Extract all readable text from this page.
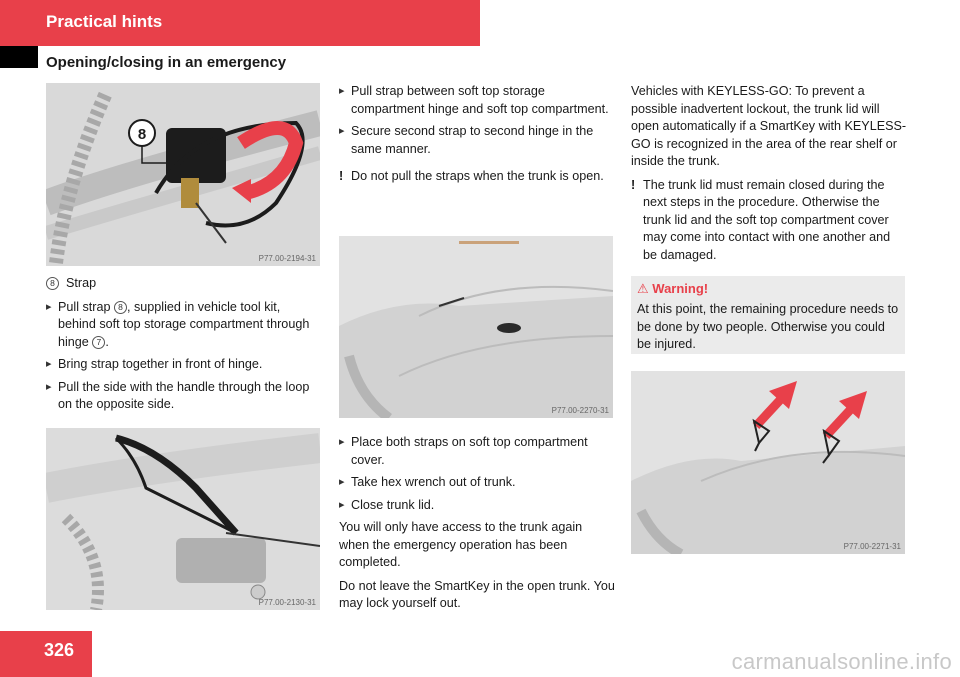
Practical hints
Opening/closing in an emergency
8
P77.00-2194-31

8 Strap

▸ Pull strap 8 , supplied in vehicle tool kit, behind soft top storage compartment through hinge 7 .
▸ Bring strap together in front of hinge.
▸ Pull the side with the handle through the loop on the opposite side.
P77.00-2130-31
▸ Pull strap between soft top storage compartment hinge and soft top compartment.
▸ Secure second strap to second hinge in the same manner.
! Do not pull the straps when the trunk is open.
P77.00-2270-31
▸ Place both straps on soft top compartment cover.
▸ Take hex wrench out of trunk.
▸ Close trunk lid.

You will only have access to the trunk again when the emergency operation has been completed.

Do not leave the SmartKey in the open trunk. You may lock yourself out.

Vehicles with KEYLESS-GO: To prevent a possible inadvertent lockout, the trunk lid will open automatically if a SmartKey with KEYLESS-GO is recognized in the area of the rear shelf or inside the trunk.

! The trunk lid must remain closed during the next steps in the procedure. Otherwise the trunk lid and the soft top compartment cover may come into contact with one another and be damaged.
⚠ Warning!
At this point, the remaining procedure needs to be done by two people. Otherwise you could be injured.
P77.00-2271-31
326	carmanualsonline.info
